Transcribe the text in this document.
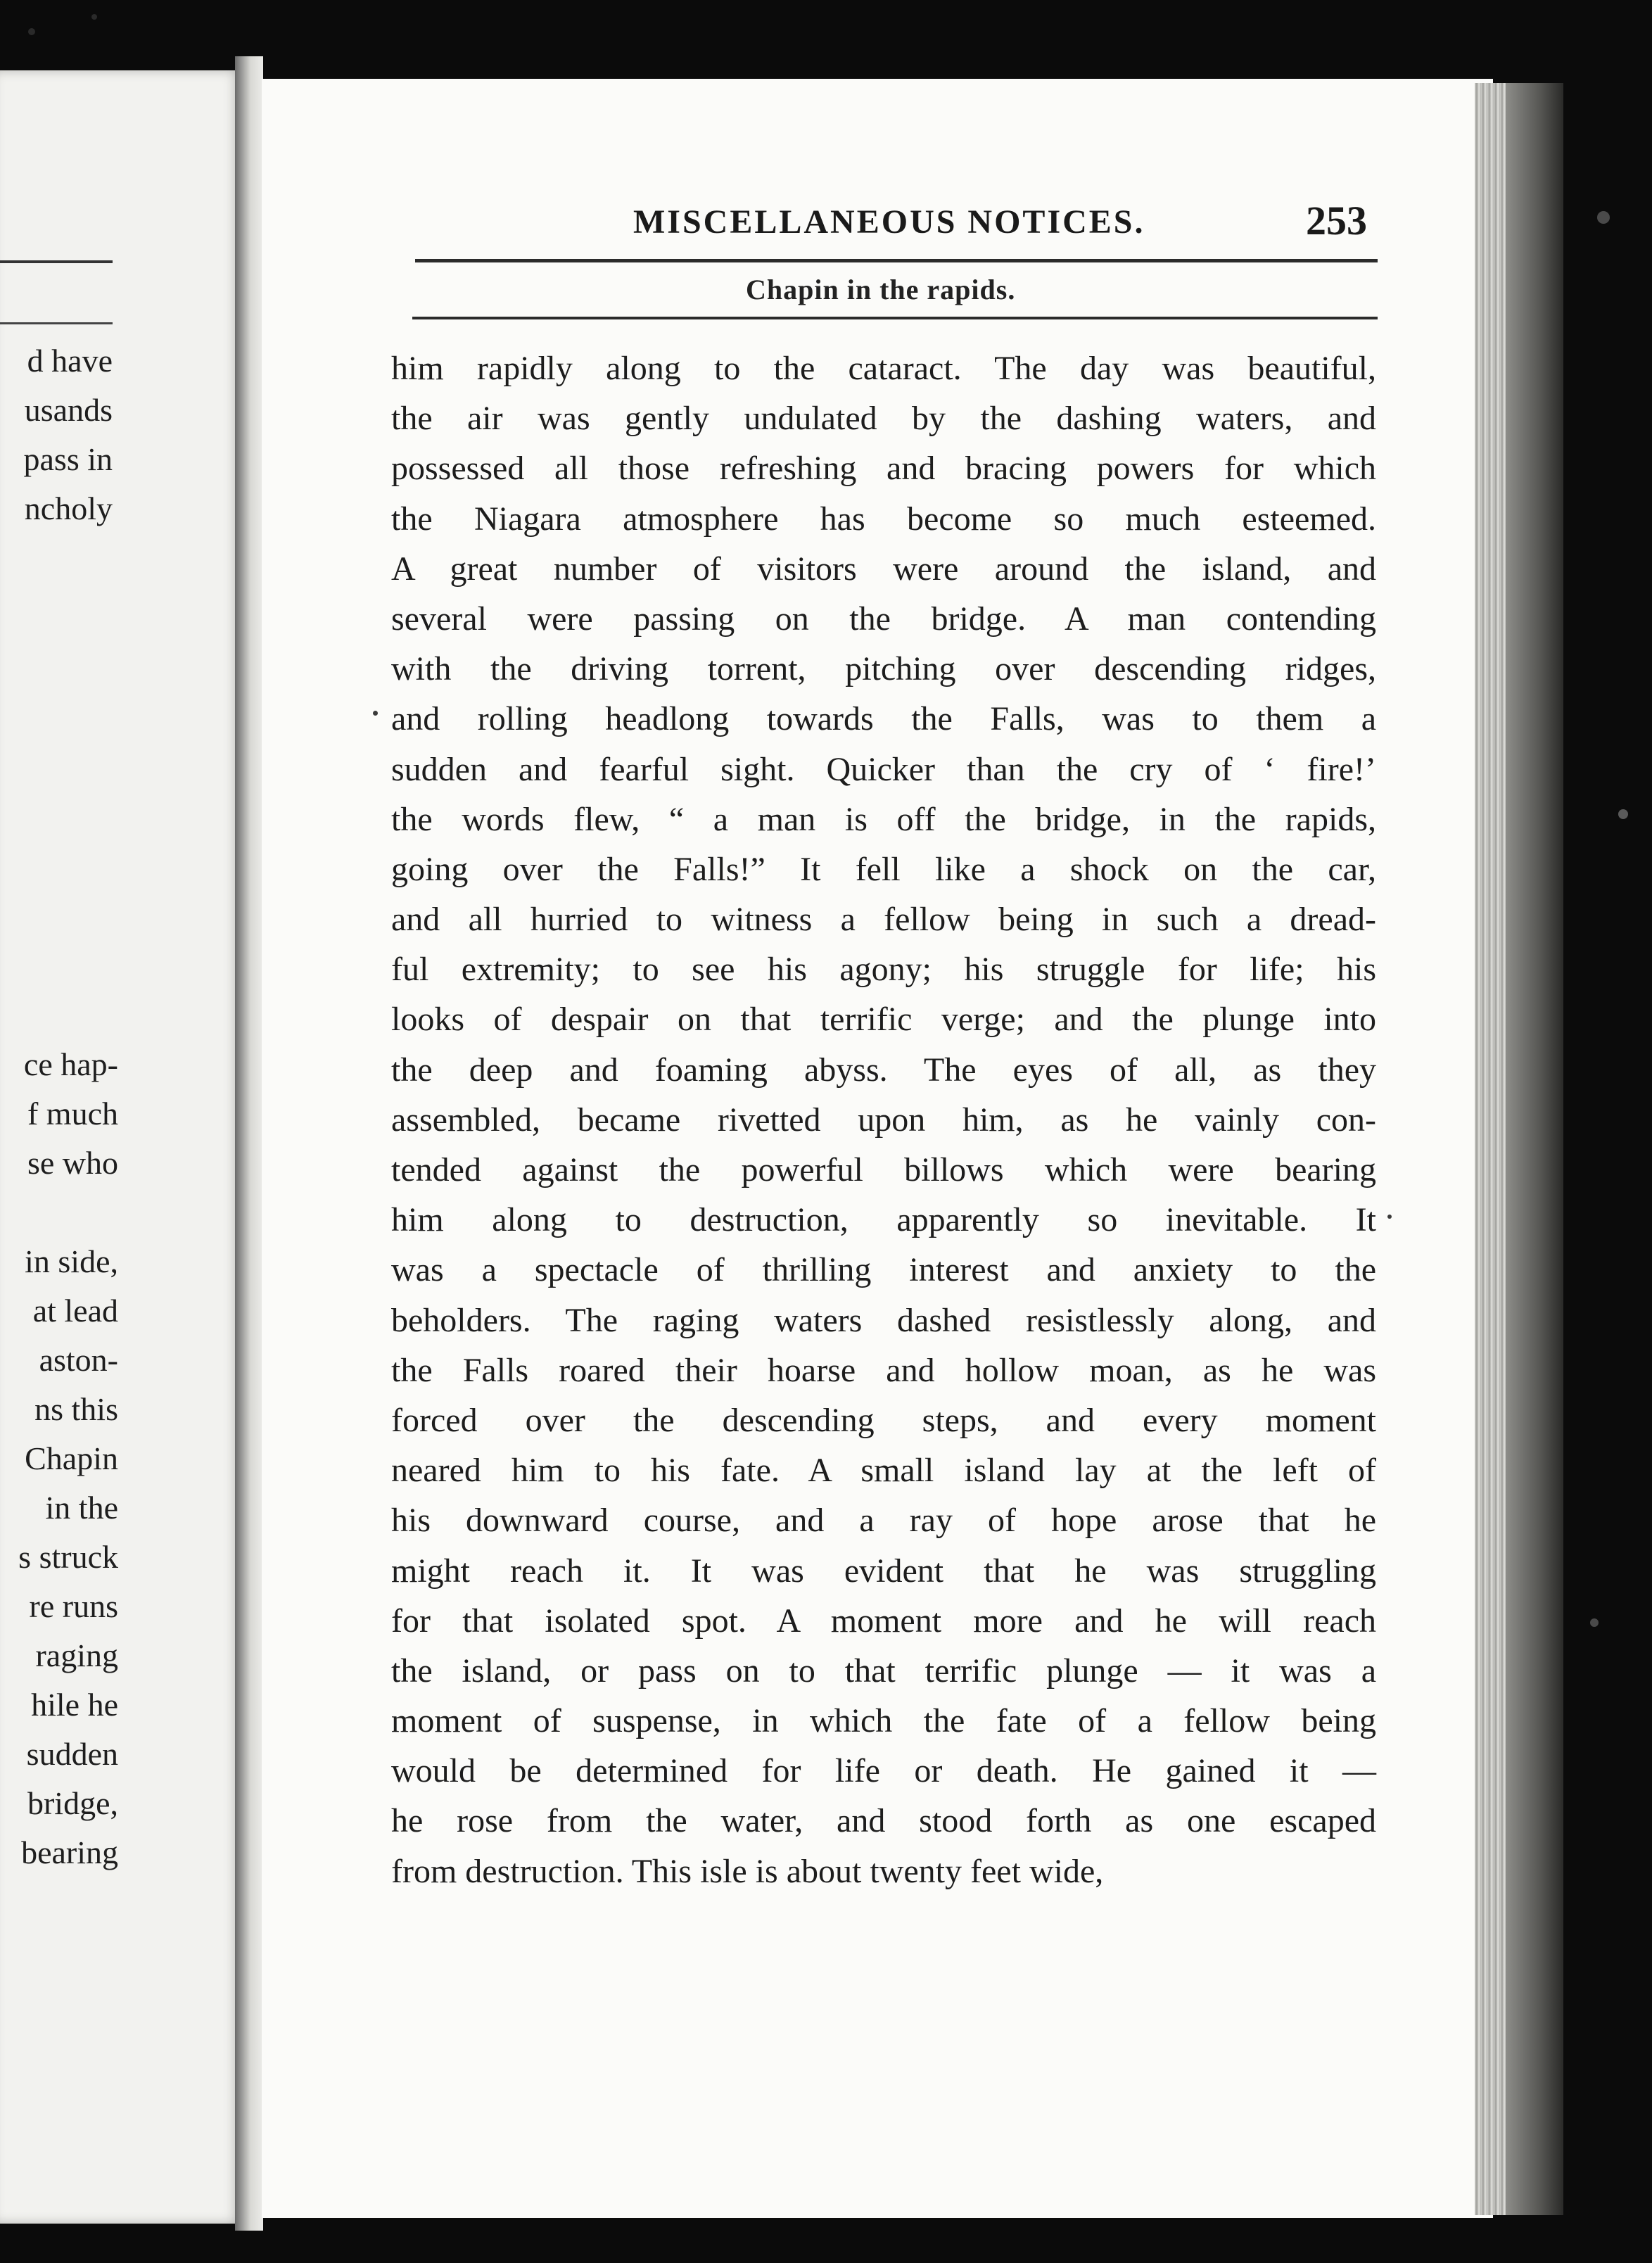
d have
usands
pass in
ncholy
ce hap-
f much
se who
in side,
at lead
aston-
ns this
Chapin
in the
s struck
re runs
raging
hile he
sudden
bridge,
bearing
MISCELLANEOUS NOTICES.	253
Chapin in the rapids.
him rapidly along to the cataract. The day was beautiful,
the air was gently undulated by the dashing waters, and
possessed all those refreshing and bracing powers for which
the Niagara atmosphere has become so much esteemed.
A great number of visitors were around the island, and
several were passing on the bridge. A man contending
with the driving torrent, pitching over descending ridges,
and rolling headlong towards the Falls, was to them a
sudden and fearful sight. Quicker than the cry of ‘ fire!’
the words flew, “ a man is off the bridge, in the rapids,
going over the Falls!” It fell like a shock on the car,
and all hurried to witness a fellow being in such a dread-
ful extremity; to see his agony; his struggle for life; his
looks of despair on that terrific verge; and the plunge into
the deep and foaming abyss. The eyes of all, as they
assembled, became rivetted upon him, as he vainly con-
tended against the powerful billows which were bearing
him along to destruction, apparently so inevitable. It
was a spectacle of thrilling interest and anxiety to the
beholders. The raging waters dashed resistlessly along, and
the Falls roared their hoarse and hollow moan, as he was
forced over the descending steps, and every moment
neared him to his fate. A small island lay at the left of
his downward course, and a ray of hope arose that he
might reach it. It was evident that he was struggling
for that isolated spot. A moment more and he will reach
the island, or pass on to that terrific plunge — it was a
moment of suspense, in which the fate of a fellow being
would be determined for life or death. He gained it —
he rose from the water, and stood forth as one escaped
from destruction. This isle is about twenty feet wide,
